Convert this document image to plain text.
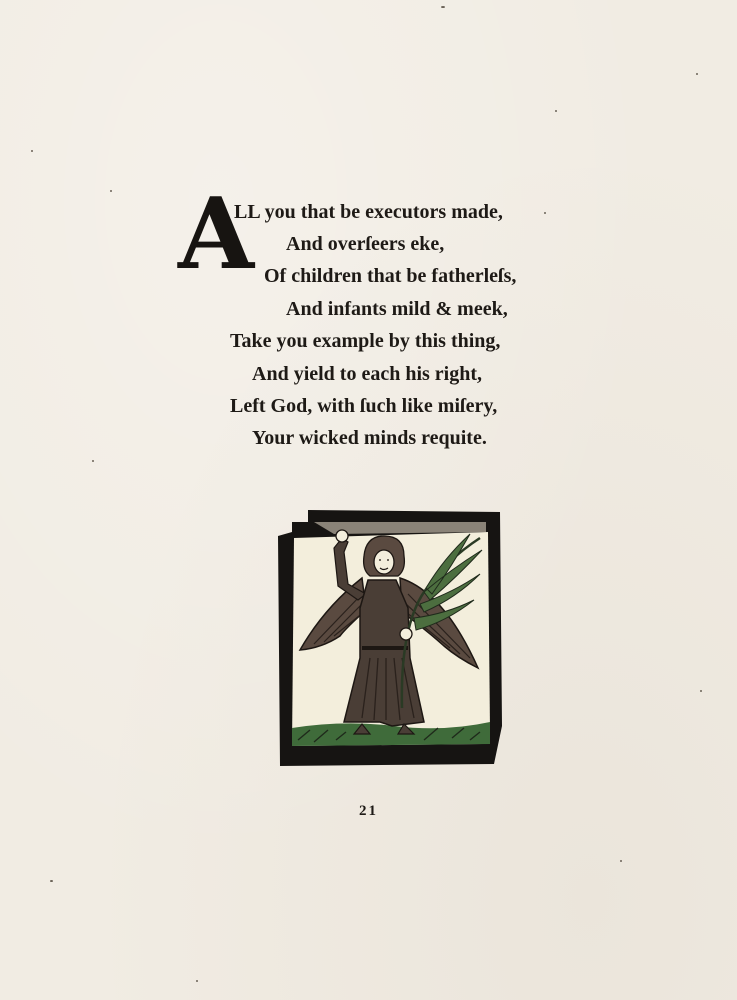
A
LL you that be executors made,
And overſeers eke,
Of children that be fatherleſs,
And infants mild & meek,
Take you example by this thing,
And yield to each his right,
Left God, with ſuch like miſery,
Your wicked minds requite.
21
